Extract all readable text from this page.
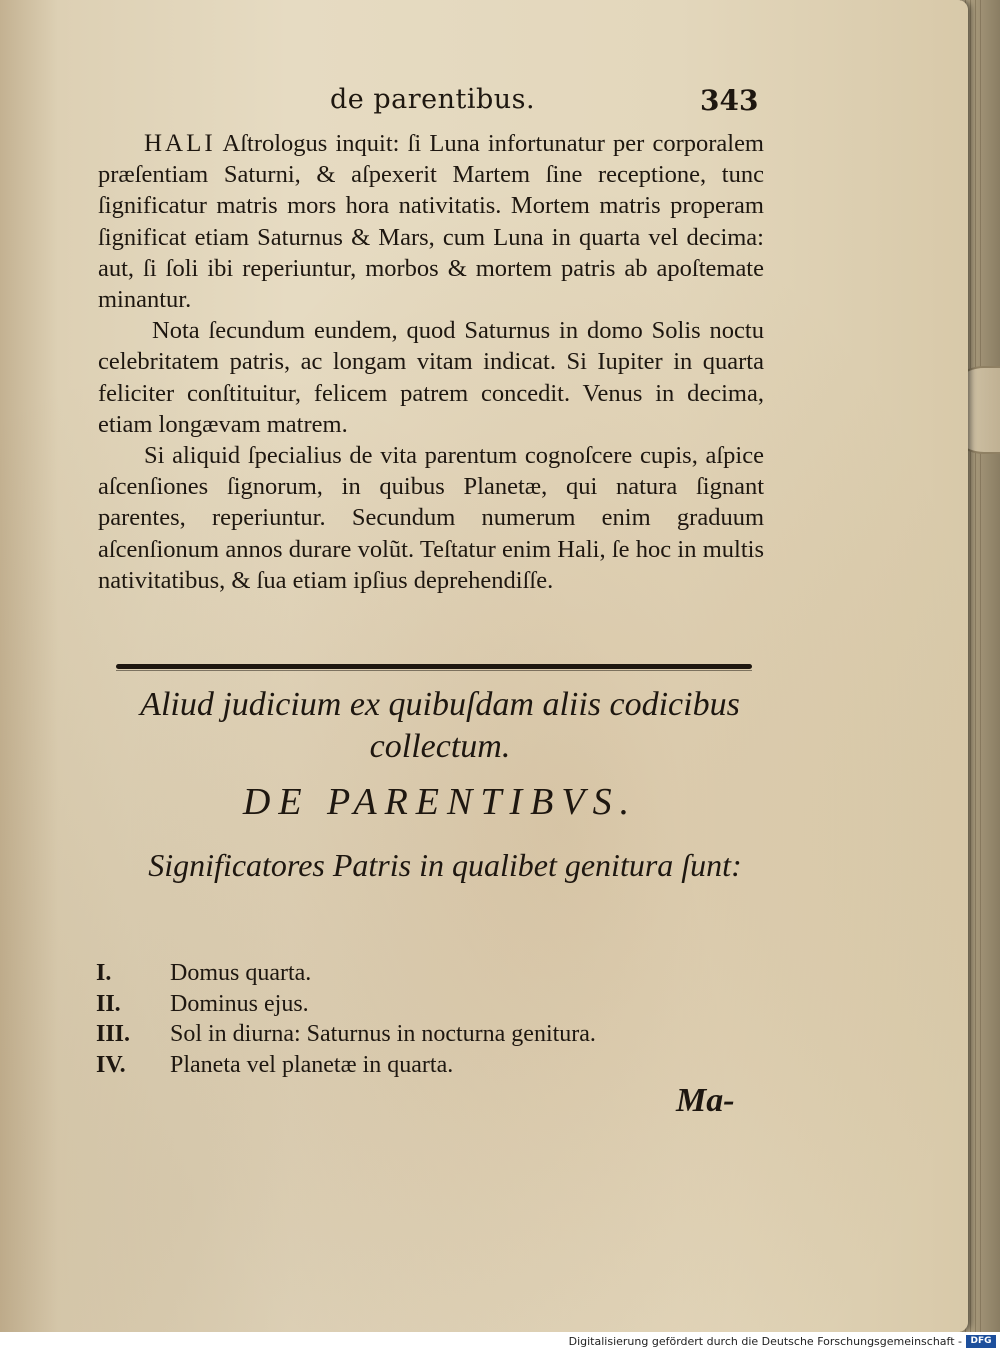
de parentibus.	343

HALI Aſtrologus inquit: ſi Luna infortunatur per corporalem præſentiam Saturni, & aſpexerit Martem ſine receptione, tunc ſignificatur matris mors hora nativitatis. Mortem matris properam ſignificat etiam Saturnus & Mars, cum Luna in quarta vel decima: aut, ſi ſoli ibi reperiuntur, morbos & mortem patris ab apoſtemate minantur.

Nota ſecundum eundem, quod Saturnus in domo Solis noctu celebritatem patris, ac longam vitam indicat. Si Iupiter in quarta feliciter conſtituitur, felicem patrem concedit. Venus in decima, etiam longævam matrem.

Si aliquid ſpecialius de vita parentum cognoſcere cupis, aſpice aſcenſiones ſignorum, in quibus Planetæ, qui natura ſignant parentes, reperiuntur. Secundum numerum enim graduum aſcenſionum annos durare volũt. Teſtatur enim Hali, ſe hoc in multis nativitatibus, & ſua etiam ipſius deprehendiſſe.

Aliud judicium ex quibuſdam aliis codicibus collectum.
DE PARENTIBVS.
Significatores Patris in qualibet genitura ſunt:
I.	Domus quarta.
II.	Dominus ejus.
III.	Sol in diurna: Saturnus in nocturna genitura.
IV.	Planeta vel planetæ in quarta.
Ma-
Digitalisierung gefördert durch die Deutsche Forschungsgemeinschaft - DFG
